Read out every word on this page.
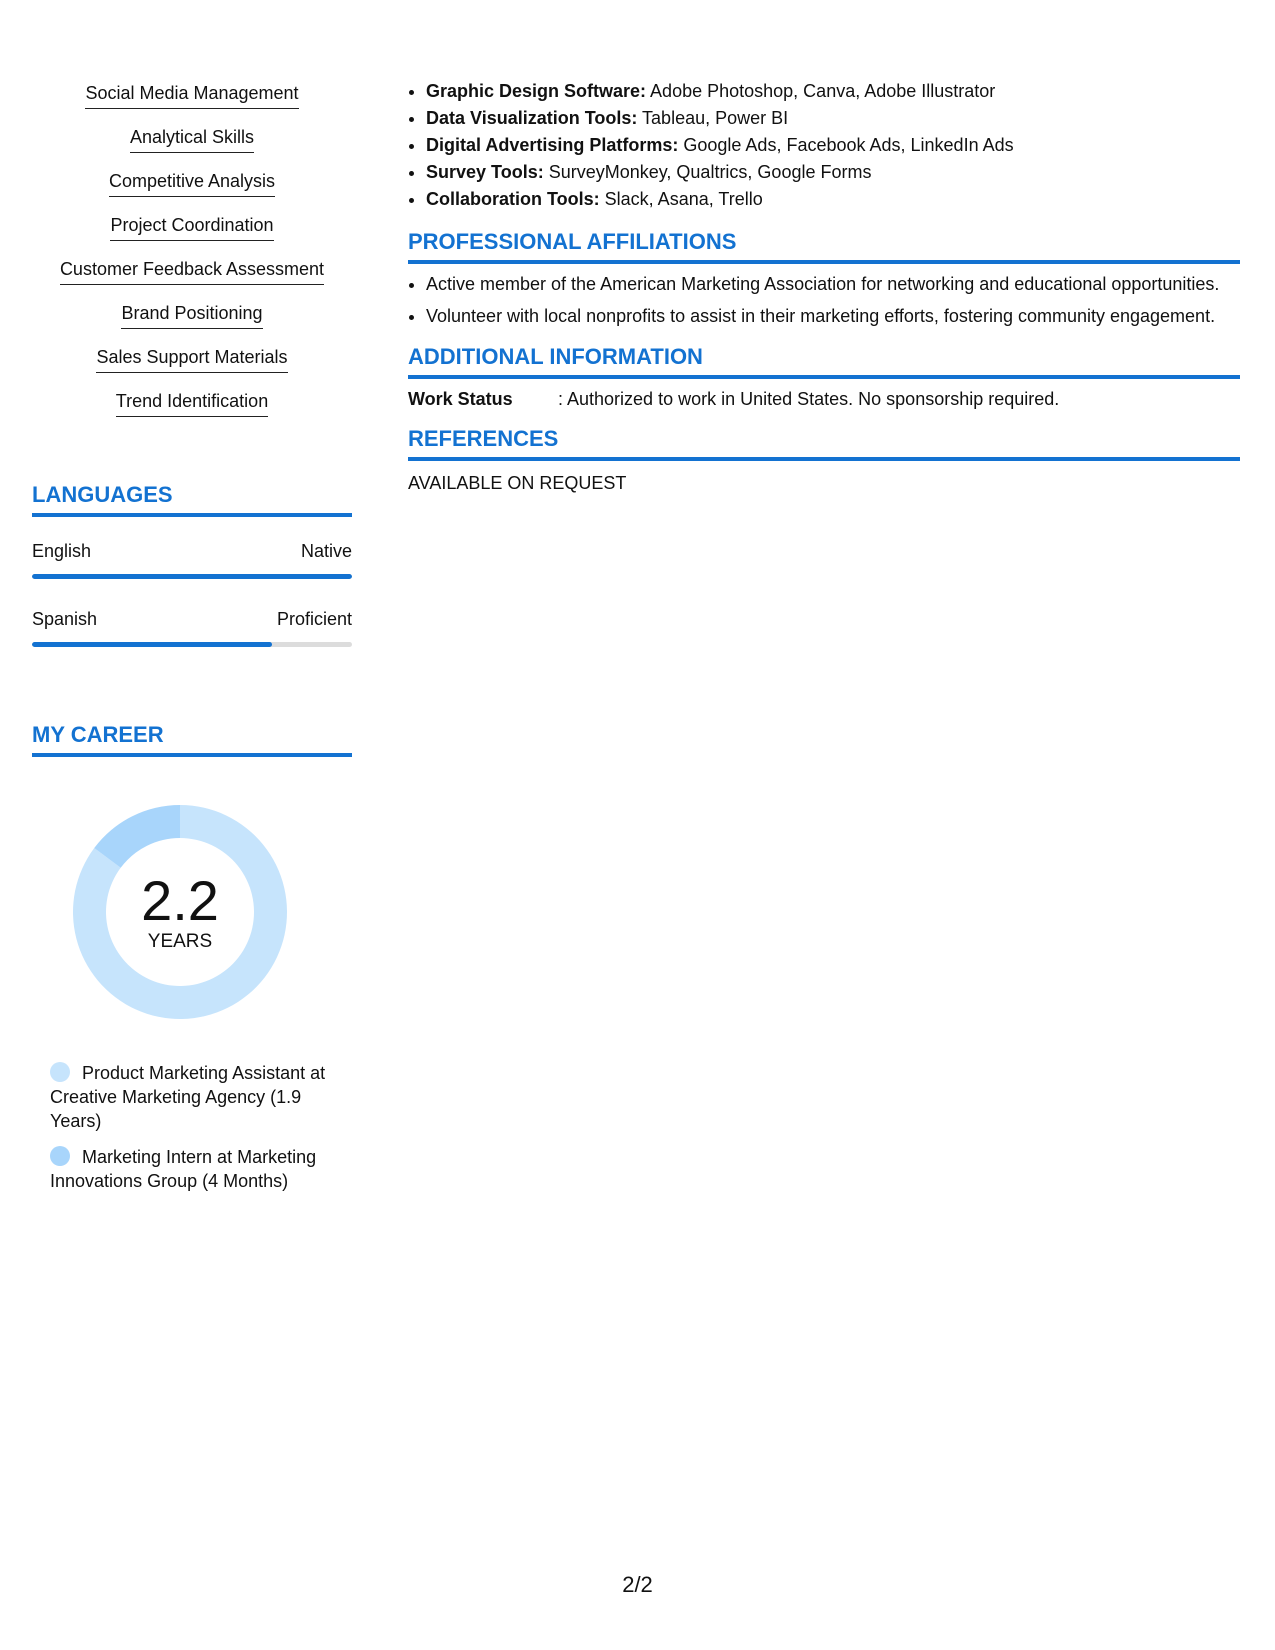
Social Media Management
Analytical Skills
Competitive Analysis
Project Coordination
Customer Feedback Assessment
Brand Positioning
Sales Support Materials
Trend Identification
LANGUAGES
English	Native
Spanish	Proficient
MY CAREER
2.2
YEARS
Product Marketing Assistant at Creative Marketing Agency (1.9 Years)
Marketing Intern at Marketing Innovations Group (4 Months)
• Graphic Design Software: Adobe Photoshop, Canva, Adobe Illustrator
• Data Visualization Tools: Tableau, Power BI
• Digital Advertising Platforms: Google Ads, Facebook Ads, LinkedIn Ads
• Survey Tools: SurveyMonkey, Qualtrics, Google Forms
• Collaboration Tools: Slack, Asana, Trello
PROFESSIONAL AFFILIATIONS
• Active member of the American Marketing Association for networking and educational opportunities.
• Volunteer with local nonprofits to assist in their marketing efforts, fostering community engagement.
ADDITIONAL INFORMATION
Work Status	: Authorized to work in United States. No sponsorship required.
REFERENCES
AVAILABLE ON REQUEST
2/2
